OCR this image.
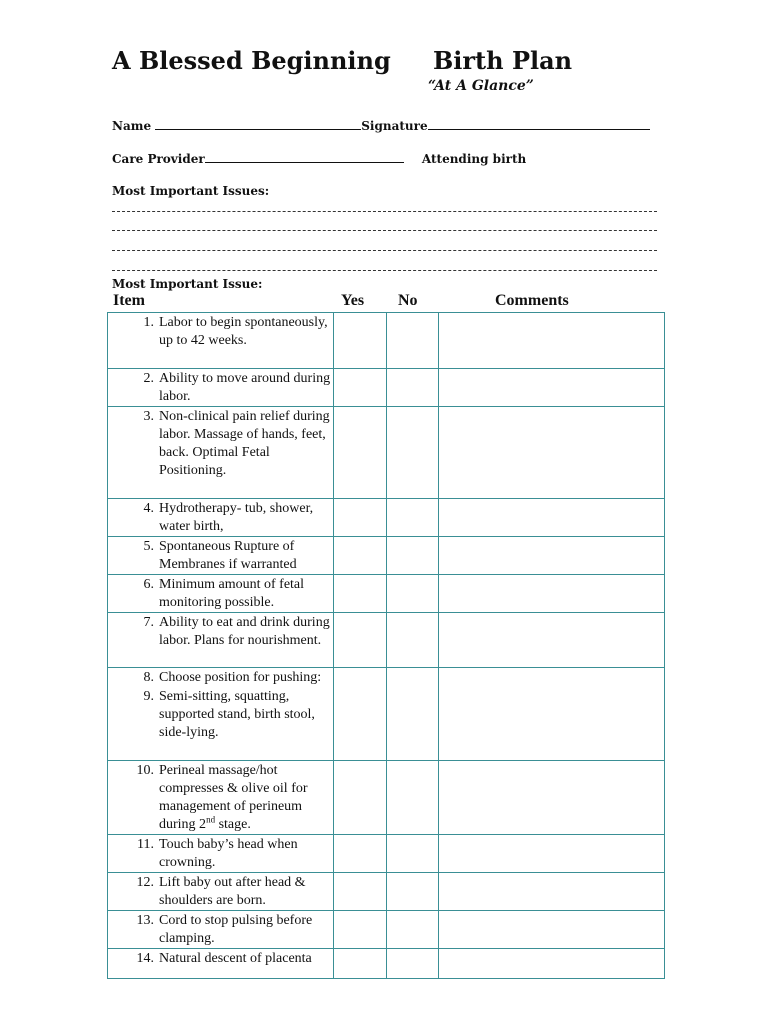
A Blessed Beginning Birth Plan
“At A Glance”
Name	Signature
Care Provider	Attending birth
Most Important Issues:
Most Important Issue:
Item	Yes No	Comments
1. Labor to begin spontaneously, up to 42 weeks.			

2. Ability to move around during labor.			

3. Non-clinical pain relief during labor. Massage of hands, feet, back. Optimal Fetal Positioning.			

4. Hydrotherapy- tub, shower, water birth,			

5. Spontaneous Rupture of Membranes if warranted			

6. Minimum amount of fetal monitoring possible.			

7. Ability to eat and drink during labor. Plans for nourishment.			

8. Choose position for pushing:
9. Semi-sitting, squatting, supported stand, birth stool, side-lying.			

10. Perineal massage/hot compresses & olive oil for management of perineum during 2nd stage.			

11. Touch baby’s head when crowning.			

12. Lift baby out after head & shoulders are born.			

13. Cord to stop pulsing before clamping.			

14. Natural descent of placenta			
